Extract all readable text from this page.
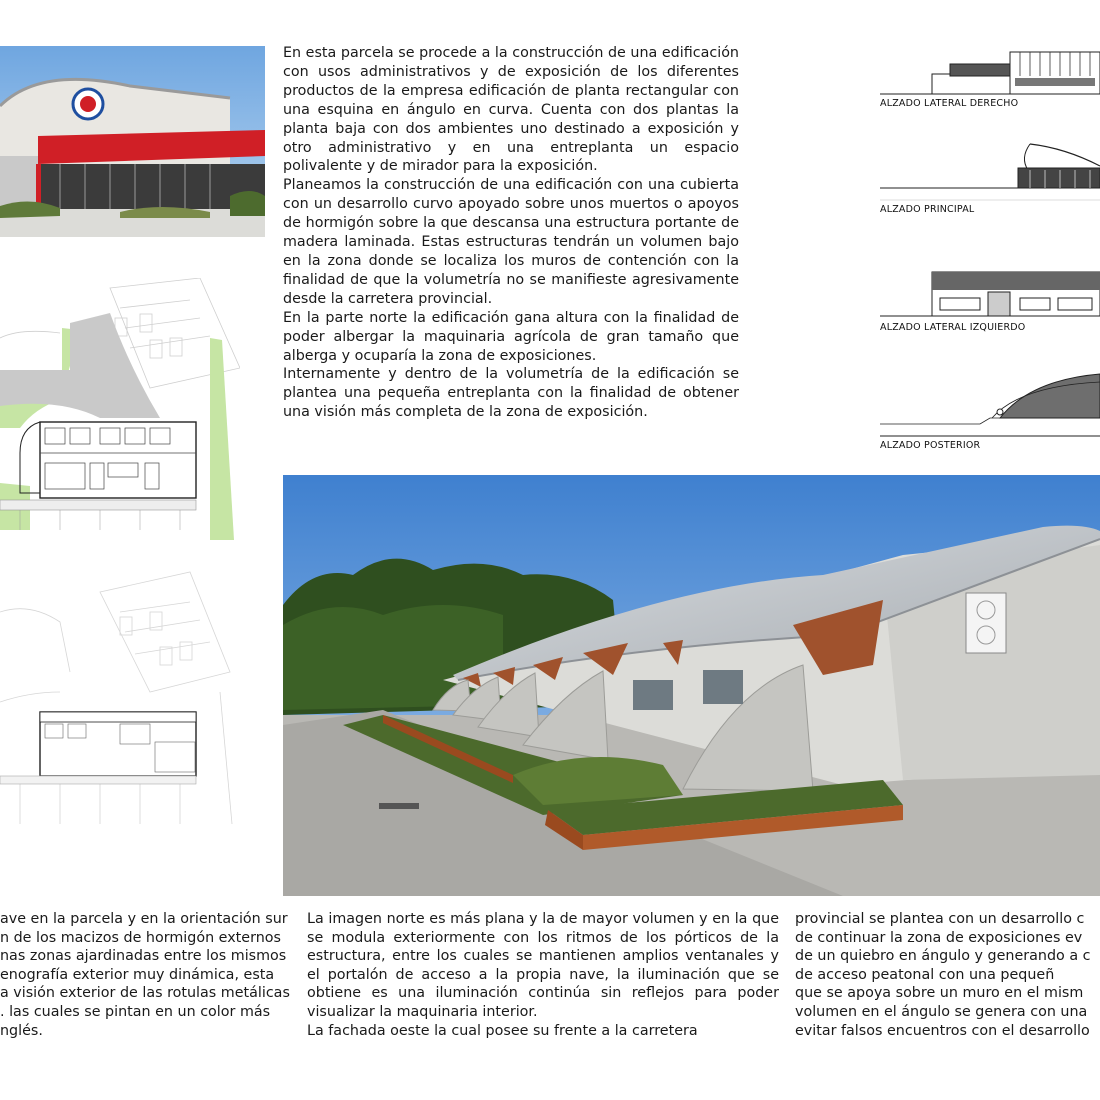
En esta parcela se procede a la construcción de una edificación con usos administrativos y de exposición de los diferentes productos de la empresa edificación de planta rectangular con una esquina en ángulo en curva. Cuenta con dos plantas la planta baja con dos ambientes uno destinado a exposición y otro administrativo y en una entreplanta un espacio polivalente y de mirador para la exposición.

Planeamos la construcción de una edificación con una cubierta con un desarrollo curvo apoyado sobre unos muertos o apoyos de hormigón sobre la que descansa una estructura portante de madera laminada. Estas estructuras tendrán un volumen bajo en la zona donde se localiza los muros de contención con la finalidad de que la volumetría no se manifieste agresivamente desde la carretera provincial.

En la parte norte la edificación gana altura con la finalidad de poder albergar la maquinaria agrícola de gran tamaño que alberga y ocuparía la zona de exposiciones.

Internamente y dentro de la volumetría de la edificación se plantea una pequeña entreplanta con la finalidad de obtener una visión más completa de la zona de exposición.

ALZADO LATERAL DERECHO
ALZADO PRINCIPAL
ALZADO LATERAL IZQUIERDO
ALZADO POSTERIOR
ave en la parcela y en la orientación sur
n de los macizos de hormigón externos
nas zonas ajardinadas entre los mismos
enografía exterior muy dinámica, esta
a visión exterior de las rotulas metálicas
. las cuales se pintan en un color más
nglés.

La imagen norte es más plana y la de mayor volumen y en la que se modula exteriormente con los ritmos de los pórticos de la estructura, entre los cuales se mantienen amplios ventanales y el portalón de acceso a la propia nave, la iluminación que se obtiene es una iluminación continúa sin reflejos para poder visualizar la maquinaria interior.

La fachada oeste la cual posee su frente a la carretera

provincial se plantea con un desarrollo c
de continuar la zona de exposiciones ev
de un quiebro en ángulo y generando a c
de acceso peatonal con una pequeñ
que se apoya sobre un muro en el mism
volumen en el ángulo se genera con una
evitar falsos encuentros con el desarrollo
